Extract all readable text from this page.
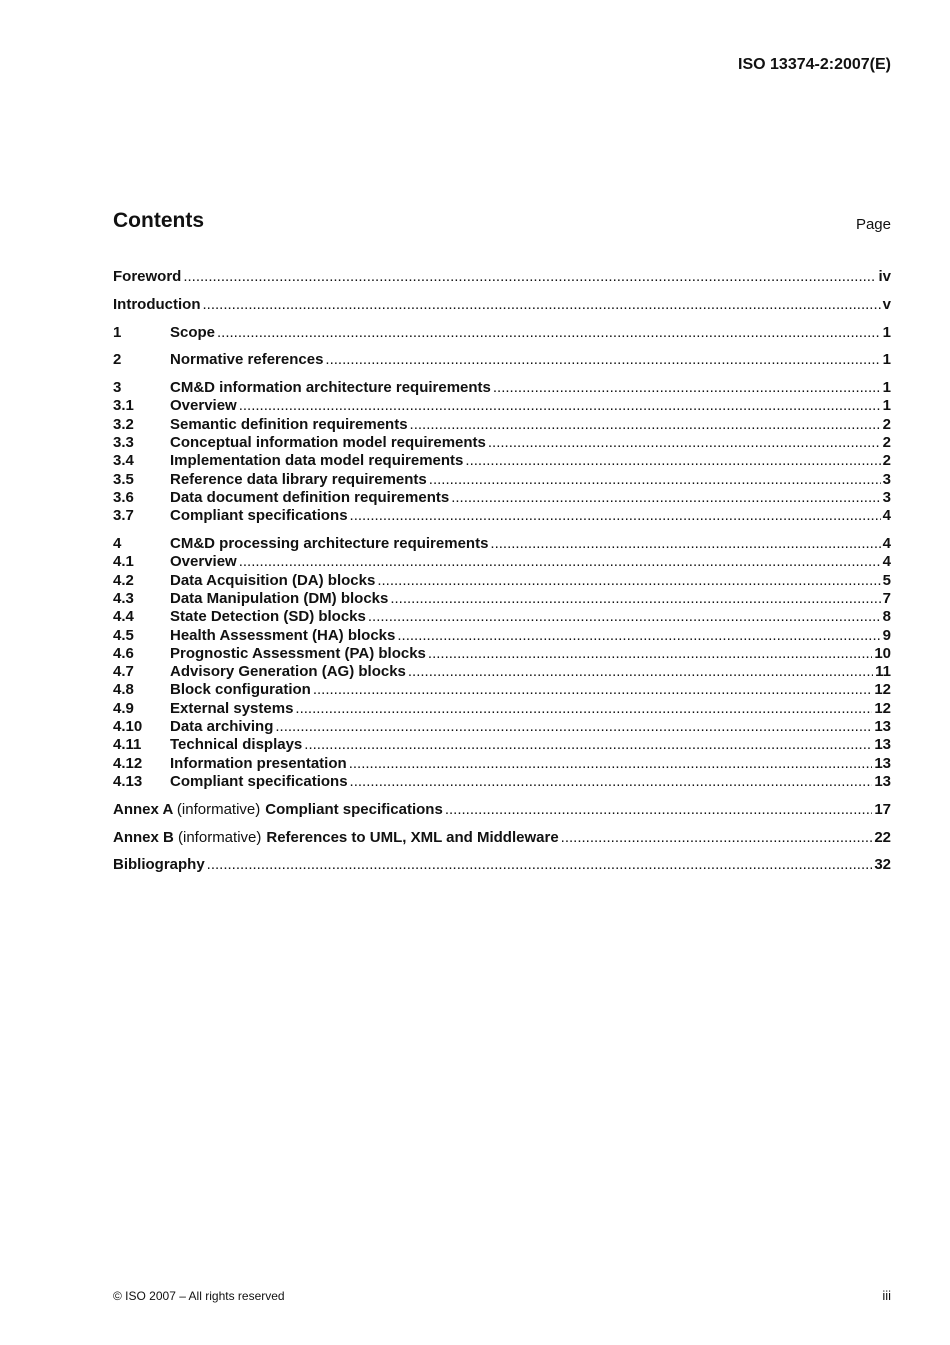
ISO 13374-2:2007(E)
Contents	Page
Foreword .....	iv
Introduction .....	v
1	Scope .....	1
2	Normative references .....	1
3	CM&D information architecture requirements .....	1
3.1	Overview .....	1
3.2	Semantic definition requirements .....	2
3.3	Conceptual information model requirements .....	2
3.4	Implementation data model requirements .....	2
3.5	Reference data library requirements .....	3
3.6	Data document definition requirements .....	3
3.7	Compliant specifications .....	4
4	CM&D processing architecture requirements .....	4
4.1	Overview .....	4
4.2	Data Acquisition (DA) blocks .....	5
4.3	Data Manipulation (DM) blocks .....	7
4.4	State Detection (SD) blocks .....	8
4.5	Health Assessment (HA) blocks .....	9
4.6	Prognostic Assessment (PA) blocks .....	10
4.7	Advisory Generation (AG) blocks .....	11
4.8	Block configuration .....	12
4.9	External systems .....	12
4.10	Data archiving .....	13
4.11	Technical displays .....	13
4.12	Information presentation .....	13
4.13	Compliant specifications .....	13
Annex A (informative) Compliant specifications .....	17
Annex B (informative) References to UML, XML and Middleware .....	22
Bibliography .....	32
© ISO 2007 – All rights reserved	iii
